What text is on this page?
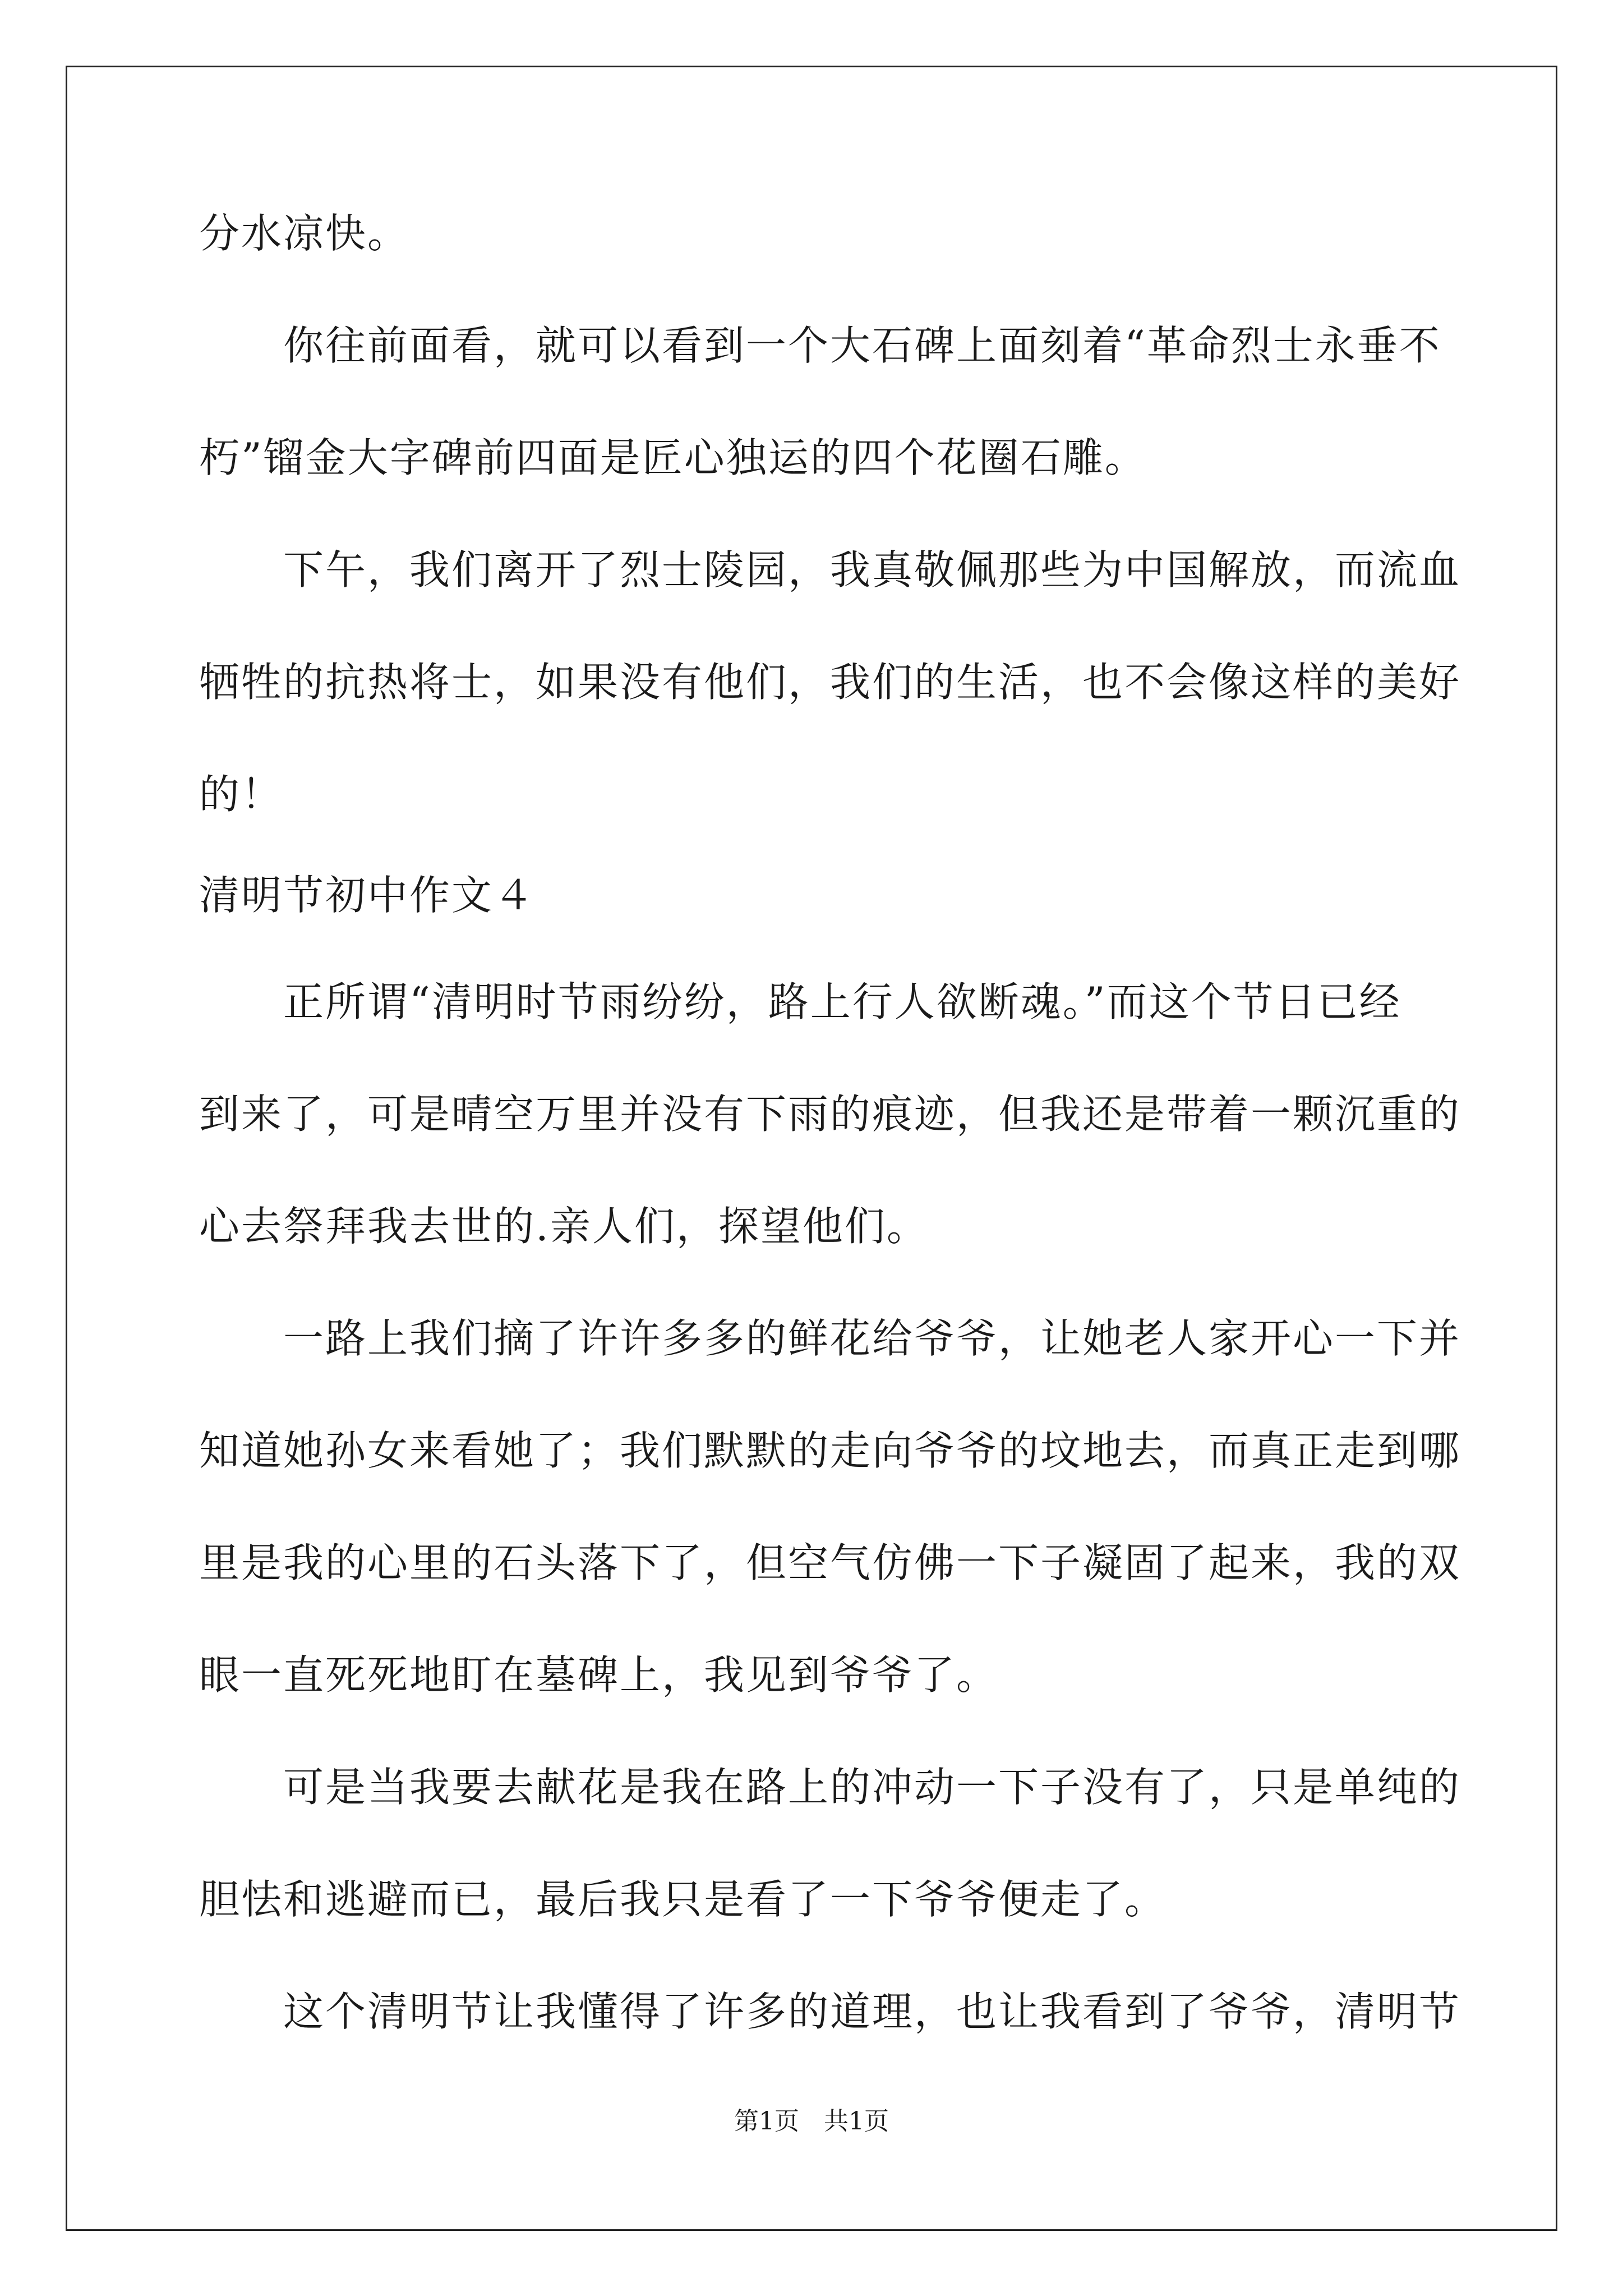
分水凉快。
你往前面看，就可以看到一个大石碑上面刻着“革命烈士永垂不
朽”镏金大字碑前四面是匠心独运的四个花圈石雕。
下午，我们离开了烈士陵园，我真敬佩那些为中国解放，而流血
牺牲的抗热将士，如果没有他们，我们的生活，也不会像这样的美好
的！
清明节初中作文４
正所谓“清明时节雨纷纷，路上行人欲断魂。”而这个节日已经
到来了，可是晴空万里并没有下雨的痕迹，但我还是带着一颗沉重的
心去祭拜我去世的.亲人们，探望他们。
一路上我们摘了许许多多的鲜花给爷爷，让她老人家开心一下并
知道她孙女来看她了；我们默默的走向爷爷的坟地去，而真正走到哪
里是我的心里的石头落下了，但空气仿佛一下子凝固了起来，我的双
眼一直死死地盯在墓碑上，我见到爷爷了。
可是当我要去献花是我在路上的冲动一下子没有了，只是单纯的
胆怯和逃避而已，最后我只是看了一下爷爷便走了。
这个清明节让我懂得了许多的道理，也让我看到了爷爷，清明节
第1页　共1页
